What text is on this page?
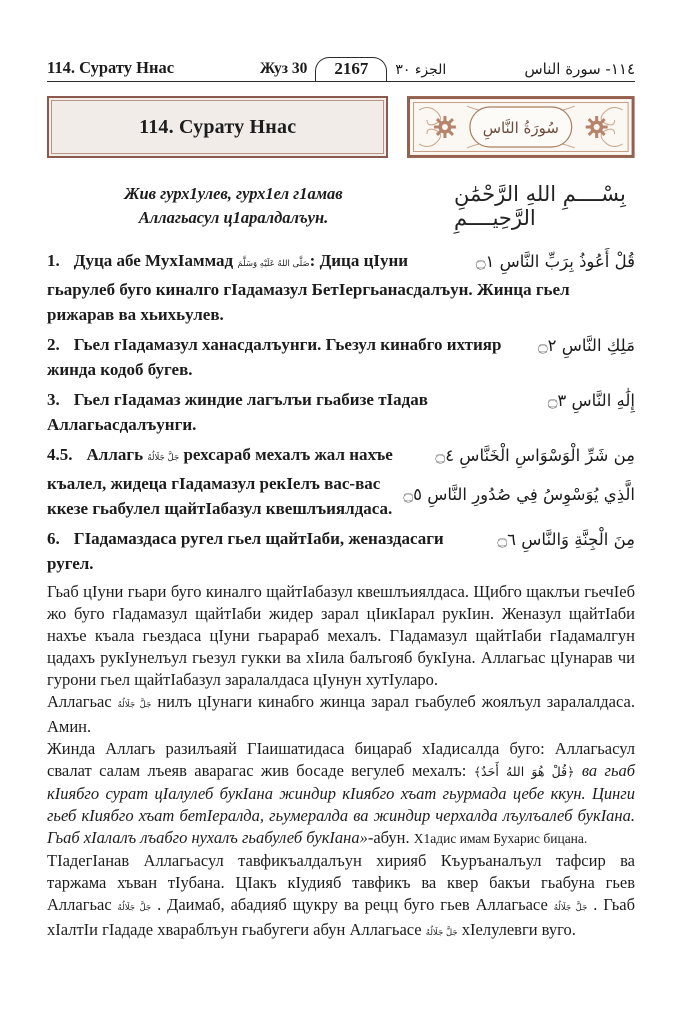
114. Сурату Ннас	Жуз 30	2167	الجزء ٣٠	١١٤- سورة الناس
114. Сурату Ннас	سُورَةُ النَّاسِ
Жив гурх1улев, гурх1ел г1амав
Аллагьасул ц1аралдалъун.
بِسْــــمِ اللهِ الرَّحْمَٰنِ الرَّحِيــــمِ
قُلْ أَعُوذُ بِرَبِّ النَّاسِ ۝١
1. Дуца абе МухIаммад صَلَّى اللهُ عَلَيْهِ وَسَلَّمَ: Дица цIуни гьарулеб буго киналго гIадамазул БетIергьанасдалъун. Жинца гьел рижарав ва хьихьулев.
مَلِكِ النَّاسِ ۝٢
2. Гьел гIадамазул ханасдалъунги. Гьезул кинабго ихтияр жинда кодоб бугев.
إِلَٰهِ النَّاسِ ۝٣
3. Гьел гIадамаз жиндие лагълъи гьабизе тIадав Аллагьасдалъунги.
مِن شَرِّ الْوَسْوَاسِ الْخَنَّاسِ ۝٤
الَّذِي يُوَسْوِسُ فِي صُدُورِ النَّاسِ ۝٥
4.5. Аллагь جَلَّ جَلَالُهُ рехсараб мехалъ жал нахъе къалел, жидеца гIадамазул рекIелъ вас-вас ккезе гьабулел щайтIабазул квешлъиялдаса.
مِنَ الْجِنَّةِ وَالنَّاسِ ۝٦
6. ГIадамаздаса ругел гьел щайтIаби, женаздасаги ругел.

Гьаб цIуни гьари буго киналго щайтIабазул квешлъиялдаса. Щибго щаклъи гьечIеб жо буго гIадамазул щайтIаби жидер зарал цIикIарал рукIин. Женазул щайтIаби нахъе къала гьездаса цIуни гьарараб мехалъ. ГIадамазул щайтIаби гIадамалгун цадахъ рукIунелъул гьезул гукки ва хIила балъгояб букIуна. Аллагьас цIунарав чи гурони гьел щайтIабазул заралалдаса цIунун хутIуларо.

Аллагьас جَلَّ جَلَالُهُ нилъ цIунаги кинабго жинца зарал гьабулеб жоялъул заралалдаса. Амин.

Жинда Аллагь разилъаяй ГIаишатидаса бицараб хIадисалда буго: Аллагьасул свалат салам лъеяв аварагас жив босаде вегулеб мехалъ: ﴿قُلْ هُوَ اللهُ أَحَدٌ﴾ ва гьаб кIиябго сурат цIалулеб букIана жиндир кIиябго хъат гьурмада цебе ккун. Цинги гьеб кIиябго хъат бетIералда, гьумералда ва жиндир черхалда лъулъалеб букIана. Гьаб хIалалъ лъабго нухалъ гьабулеб букIана»-абун. Х1адис имам Бухарис бицана.

ТIадегIанав Аллагьасул тавфикъалдалъун хирияб Къуръаналъул тафсир ва таржама хъван тIубана. ЦIакъ кIудияб тавфикъ ва квер бакъи гьабуна гьев Аллагьас جَلَّ جَلَالُهُ . Даимаб, абадияб щукру ва рецц буго гьев Аллагьасе جَلَّ جَلَالُهُ . Гьаб хIалтIи гIададе хвараблъун гьабугеги абун Аллагьасе جَلَّ جَلَالُهُ хIелулевги вуго.
